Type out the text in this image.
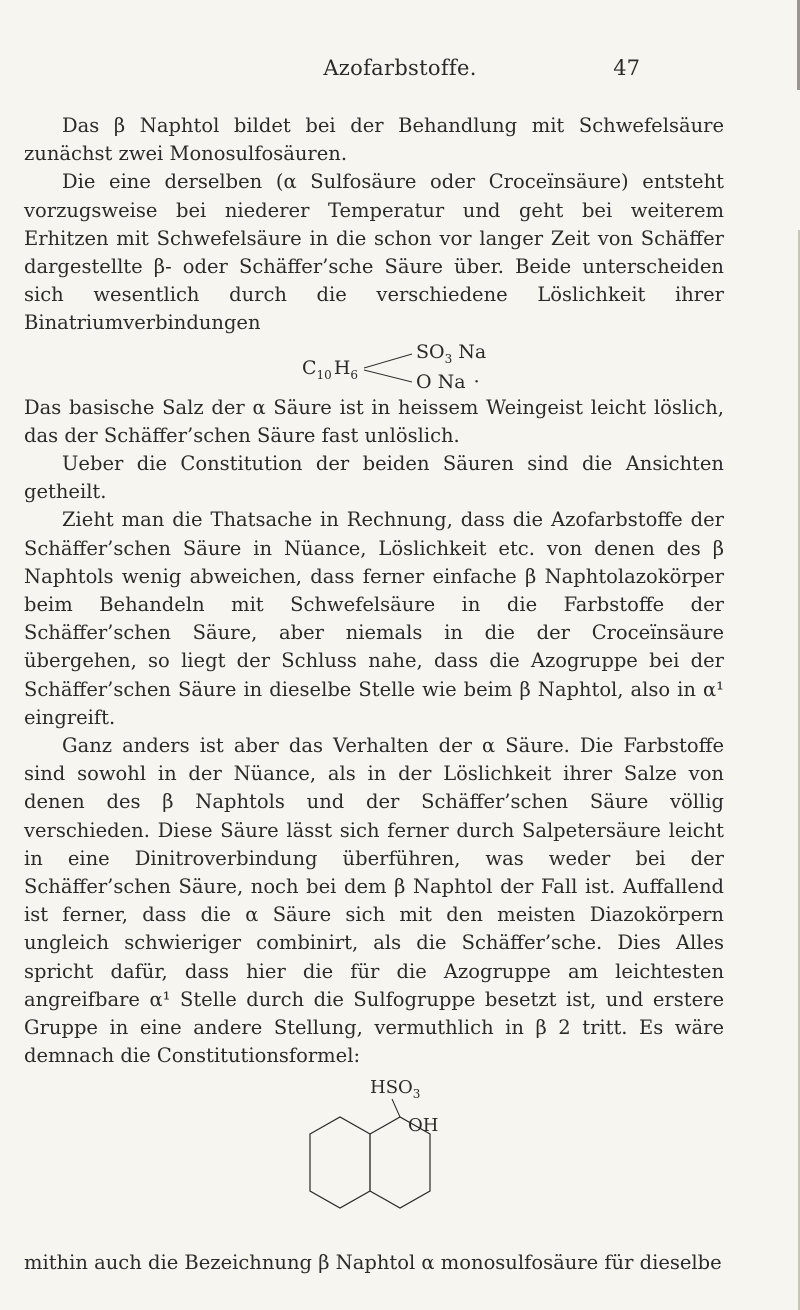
Azofarbstoffe.	47

Das β Naphtol bildet bei der Behandlung mit Schwefelsäure zunächst zwei Monosulfosäuren.

Die eine derselben (α Sulfosäure oder Croceïnsäure) entsteht vorzugsweise bei niederer Temperatur und geht bei weiterem Erhitzen mit Schwefelsäure in die schon vor langer Zeit von Schäffer dargestellte β- oder Schäffer’sche Säure über. Beide unterscheiden sich wesentlich durch die verschiedene Löslichkeit ihrer Binatriumverbindungen

$C_{10}$ $H_6$
$SO_3$ Na
O Na ·

Das basische Salz der α Säure ist in heissem Weingeist leicht löslich, das der Schäffer’schen Säure fast unlöslich.

Ueber die Constitution der beiden Säuren sind die Ansichten getheilt.

Zieht man die Thatsache in Rechnung, dass die Azofarbstoffe der Schäffer’schen Säure in Nüance, Löslichkeit etc. von denen des β Naphtols wenig abweichen, dass ferner einfache β Naphtolazokörper beim Behandeln mit Schwefelsäure in die Farbstoffe der Schäffer’schen Säure, aber niemals in die der Croceïnsäure übergehen, so liegt der Schluss nahe, dass die Azogruppe bei der Schäffer’schen Säure in dieselbe Stelle wie beim β Naphtol, also in α¹ eingreift.

Ganz anders ist aber das Verhalten der α Säure. Die Farbstoffe sind sowohl in der Nüance, als in der Löslichkeit ihrer Salze von denen des β Naphtols und der Schäffer’schen Säure völlig verschieden. Diese Säure lässt sich ferner durch Salpetersäure leicht in eine Dinitroverbindung überführen, was weder bei der Schäffer’schen Säure, noch bei dem β Naphtol der Fall ist. Auffallend ist ferner, dass die α Säure sich mit den meisten Diazokörpern ungleich schwieriger combinirt, als die Schäffer’sche. Dies Alles spricht dafür, dass hier die für die Azogruppe am leichtesten angreifbare α¹ Stelle durch die Sulfogruppe besetzt ist, und erstere Gruppe in eine andere Stellung, vermuthlich in β 2 tritt. Es wäre demnach die Constitutionsformel:

$HSO_3$
OH

mithin auch die Bezeichnung β Naphtol α monosulfosäure für dieselbe
